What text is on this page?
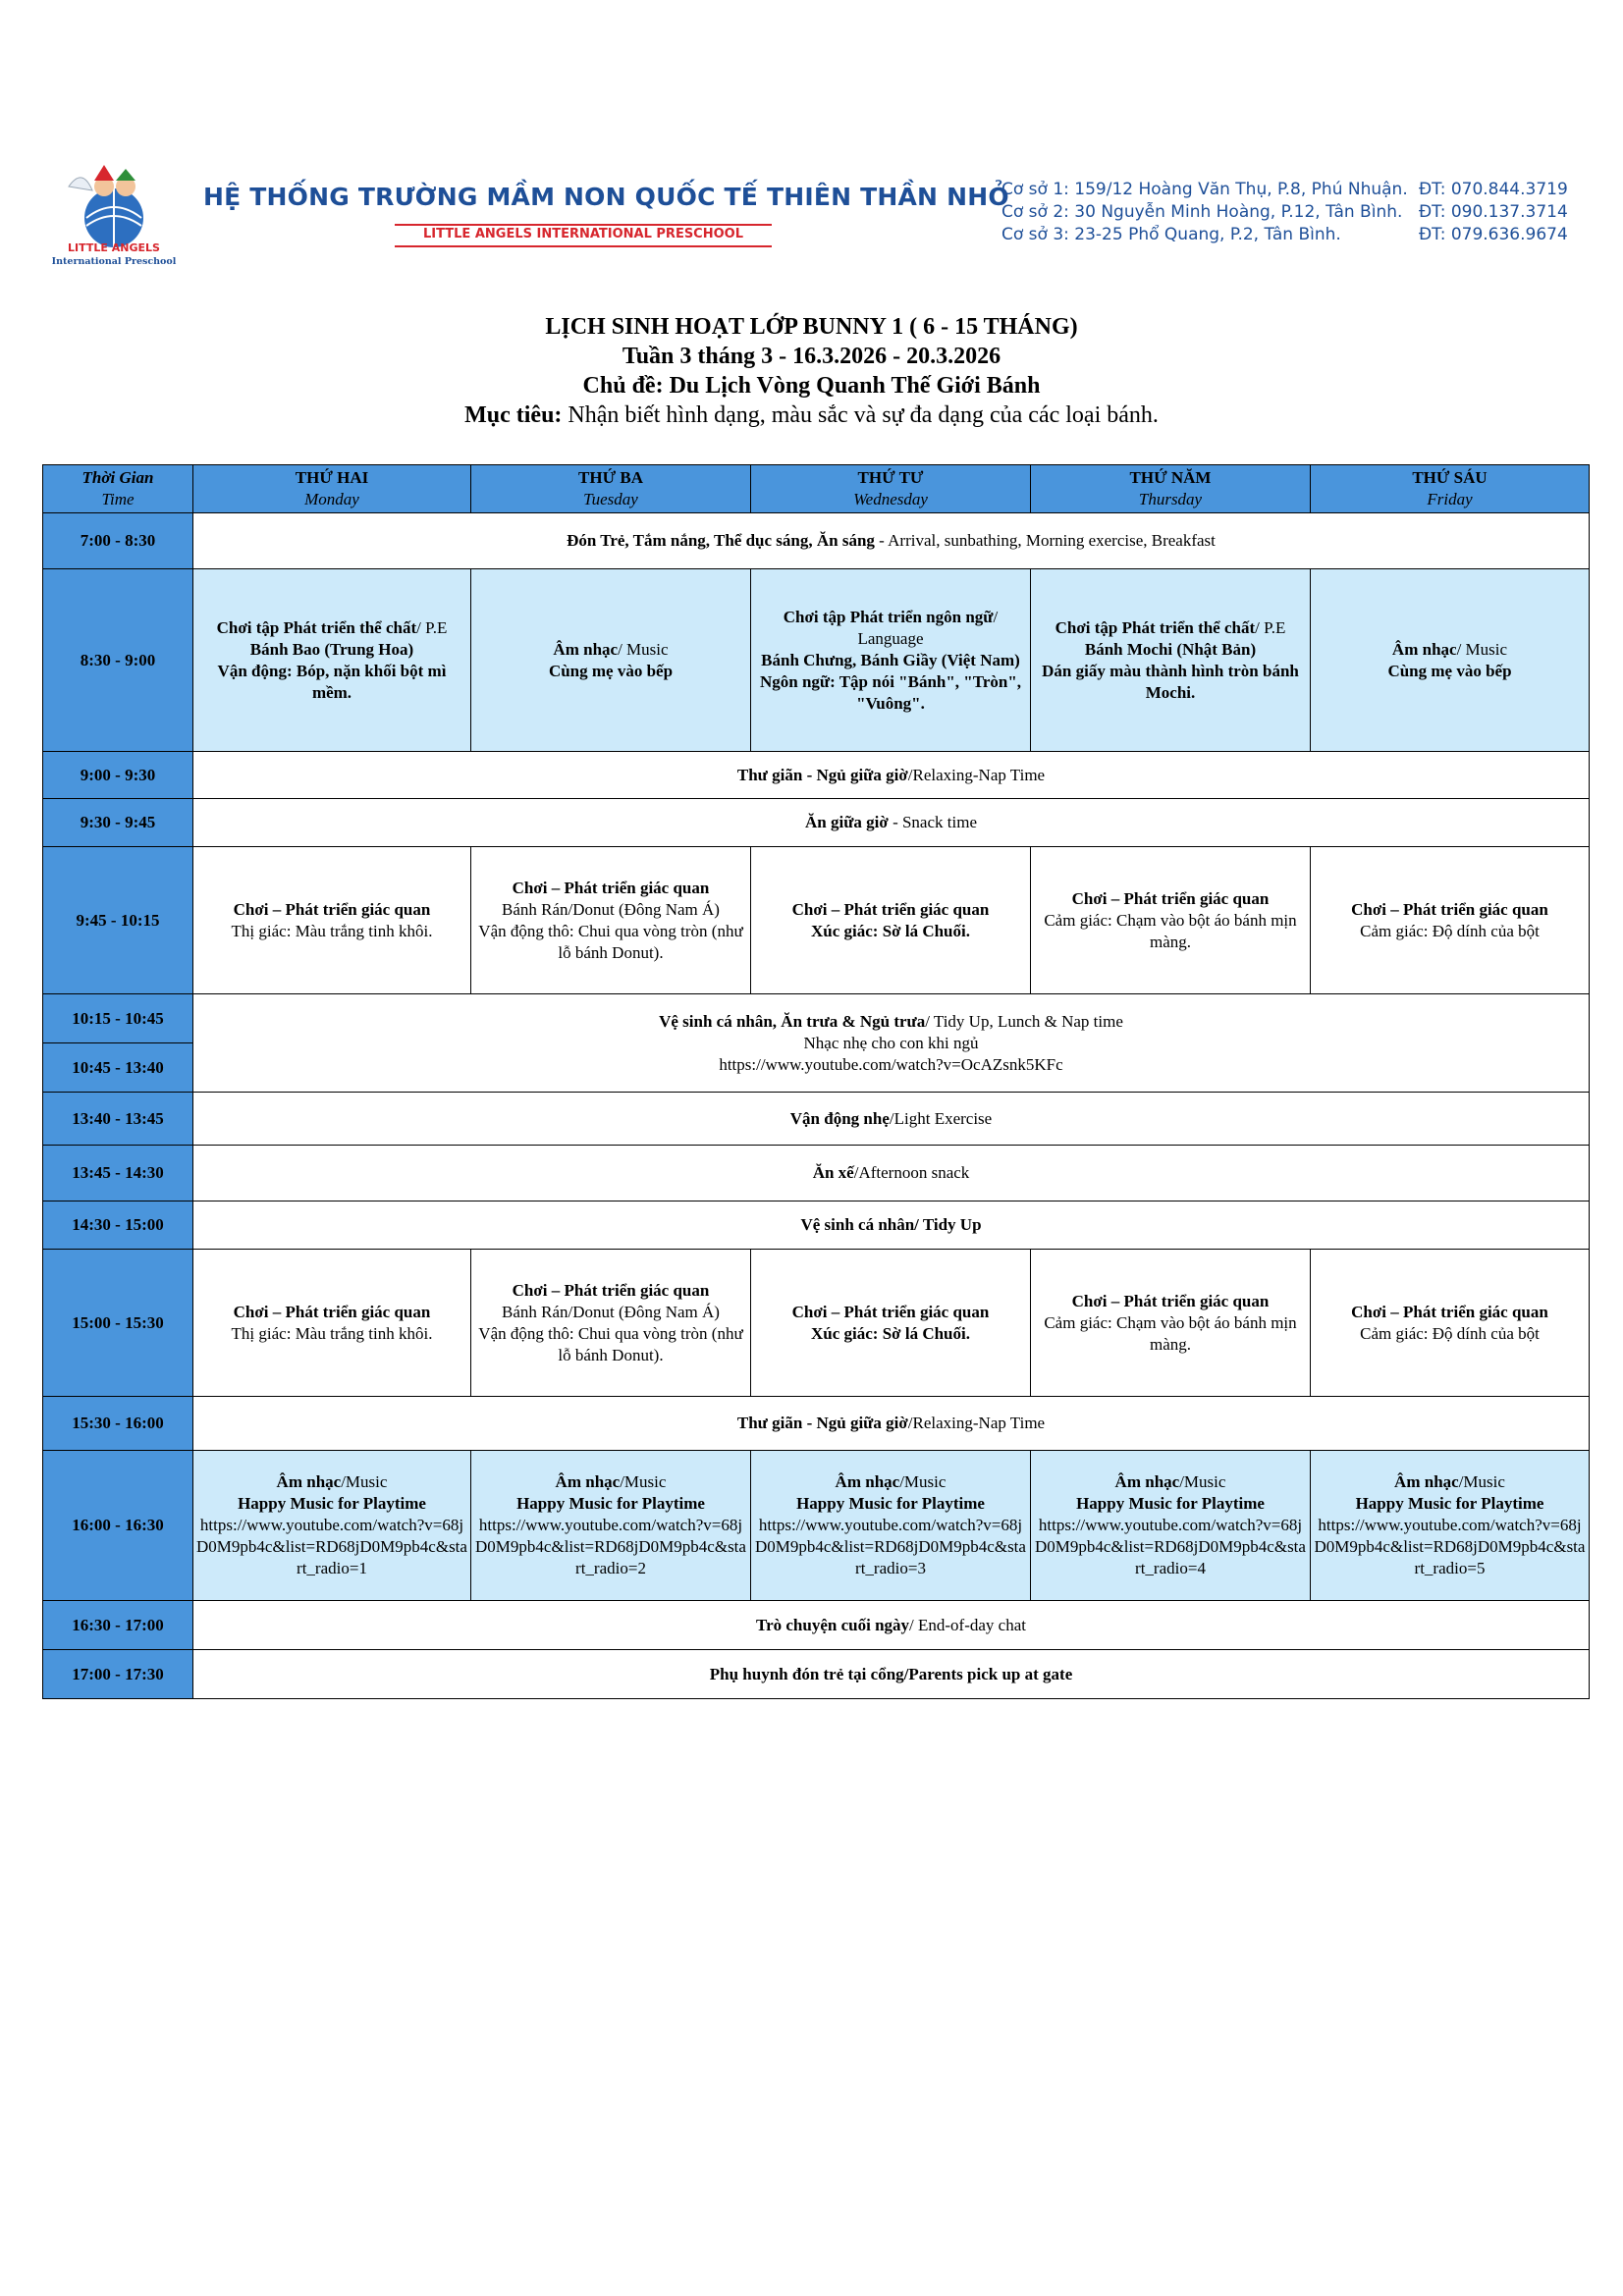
LITTLE ANGELS
International Preschool
HỆ THỐNG TRƯỜNG MẦM NON QUỐC TẾ THIÊN THẦN NHỎ
LITTLE ANGELS INTERNATIONAL PRESCHOOL
Cơ sở 1: 159/12 Hoàng Văn Thụ, P.8, Phú Nhuận. ĐT: 070.844.3719
Cơ sở 2: 30 Nguyễn Minh Hoàng, P.12, Tân Bình. ĐT: 090.137.3714
Cơ sở 3: 23-25 Phổ Quang, P.2, Tân Bình.	ĐT: 079.636.9674
LỊCH SINH HOẠT LỚP BUNNY 1 ( 6 - 15 THÁNG)
Tuần 3 tháng 3 - 16.3.2026 - 20.3.2026
Chủ đề: Du Lịch Vòng Quanh Thế Giới Bánh
Mục tiêu: Nhận biết hình dạng, màu sắc và sự đa dạng của các loại bánh.
Thời Gian
Time	THỨ HAI
Monday	THỨ BA
Tuesday	THỨ TƯ
Wednesday	THỨ NĂM
Thursday	THỨ SÁU
Friday

7:00 - 8:30	Đón Trẻ, Tắm nắng, Thể dục sáng, Ăn sáng - Arrival, sunbathing, Morning exercise, Breakfast				
8:30 - 9:00	Chơi tập Phát triển thể chất/ P.E
Bánh Bao (Trung Hoa)
Vận động: Bóp, nặn khối bột mì mềm.	Âm nhạc/ Music
Cùng mẹ vào bếp	Chơi tập Phát triển ngôn ngữ/ Language
Bánh Chưng, Bánh Giầy (Việt Nam)
Ngôn ngữ: Tập nói "Bánh", "Tròn", "Vuông".	Chơi tập Phát triển thể chất/ P.E
Bánh Mochi (Nhật Bản)
Dán giấy màu thành hình tròn bánh Mochi.	Âm nhạc/ Music
Cùng mẹ vào bếp

9:00 - 9:30	Thư giãn - Ngủ giữa giờ/Relaxing-Nap Time				
9:30 - 9:45	Ăn giữa giờ - Snack time				
9:45 - 10:15	Chơi – Phát triển giác quan
Thị giác: Màu trắng tinh khôi.	Chơi – Phát triển giác quan
Bánh Rán/Donut (Đông Nam Á)
Vận động thô: Chui qua vòng tròn (như lỗ bánh Donut).	Chơi – Phát triển giác quan
Xúc giác: Sờ lá Chuối.	Chơi – Phát triển giác quan
Cảm giác: Chạm vào bột áo bánh mịn màng.	Chơi – Phát triển giác quan
Cảm giác: Độ dính của bột

10:15 - 10:45	Vệ sinh cá nhân, Ăn trưa & Ngủ trưa/ Tidy Up, Lunch & Nap time
Nhạc nhẹ cho con khi ngủ
https://www.youtube.com/watch?v=OcAZsnk5KFc				

10:45 - 13:40					
13:40 - 13:45	Vận động nhẹ/Light Exercise				
13:45 - 14:30	Ăn xế/Afternoon snack				
14:30 - 15:00	Vệ sinh cá nhân/ Tidy Up				
15:00 - 15:30	Chơi – Phát triển giác quan
Thị giác: Màu trắng tinh khôi.	Chơi – Phát triển giác quan
Bánh Rán/Donut (Đông Nam Á)
Vận động thô: Chui qua vòng tròn (như lỗ bánh Donut).	Chơi – Phát triển giác quan
Xúc giác: Sờ lá Chuối.	Chơi – Phát triển giác quan
Cảm giác: Chạm vào bột áo bánh mịn màng.	Chơi – Phát triển giác quan
Cảm giác: Độ dính của bột

15:30 - 16:00	Thư giãn - Ngủ giữa giờ/Relaxing-Nap Time				
16:00 - 16:30	Âm nhạc/Music
Happy Music for Playtime
https://www.youtube.com/watch?v=68jD0M9pb4c&list=RD68jD0M9pb4c&start_radio=1	Âm nhạc/Music
Happy Music for Playtime
https://www.youtube.com/watch?v=68jD0M9pb4c&list=RD68jD0M9pb4c&start_radio=2	Âm nhạc/Music
Happy Music for Playtime
https://www.youtube.com/watch?v=68jD0M9pb4c&list=RD68jD0M9pb4c&start_radio=3	Âm nhạc/Music
Happy Music for Playtime
https://www.youtube.com/watch?v=68jD0M9pb4c&list=RD68jD0M9pb4c&start_radio=4	Âm nhạc/Music
Happy Music for Playtime
https://www.youtube.com/watch?v=68jD0M9pb4c&list=RD68jD0M9pb4c&start_radio=5

16:30 - 17:00	Trò chuyện cuối ngày/ End-of-day chat				
17:00 - 17:30	Phụ huynh đón trẻ tại cổng/Parents pick up at gate				
